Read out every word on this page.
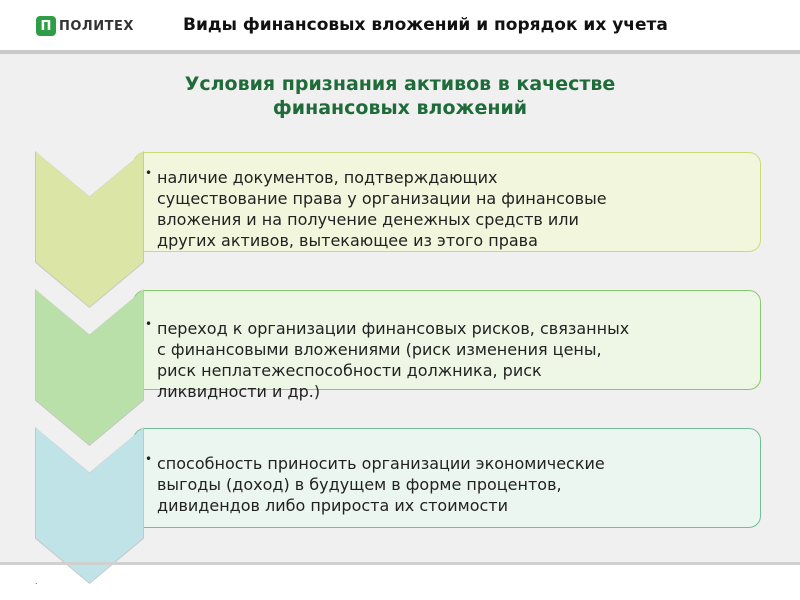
П ПОЛИТЕХ	Виды финансовых вложений и порядок их учета
Условия признания активов в качестве
финансовых вложений
• наличие документов, подтверждающих
существование права у организации на финансовые
вложения и на получение денежных средств или
других активов, вытекающее из этого права
• переход к организации финансовых рисков, связанных
с финансовыми вложениями (риск изменения цены,
риск неплатежеспособности должника, риск
ликвидности и др.)
• способность приносить организации экономические
выгоды (доход) в будущем в форме процентов,
дивидендов либо прироста их стоимости
.
